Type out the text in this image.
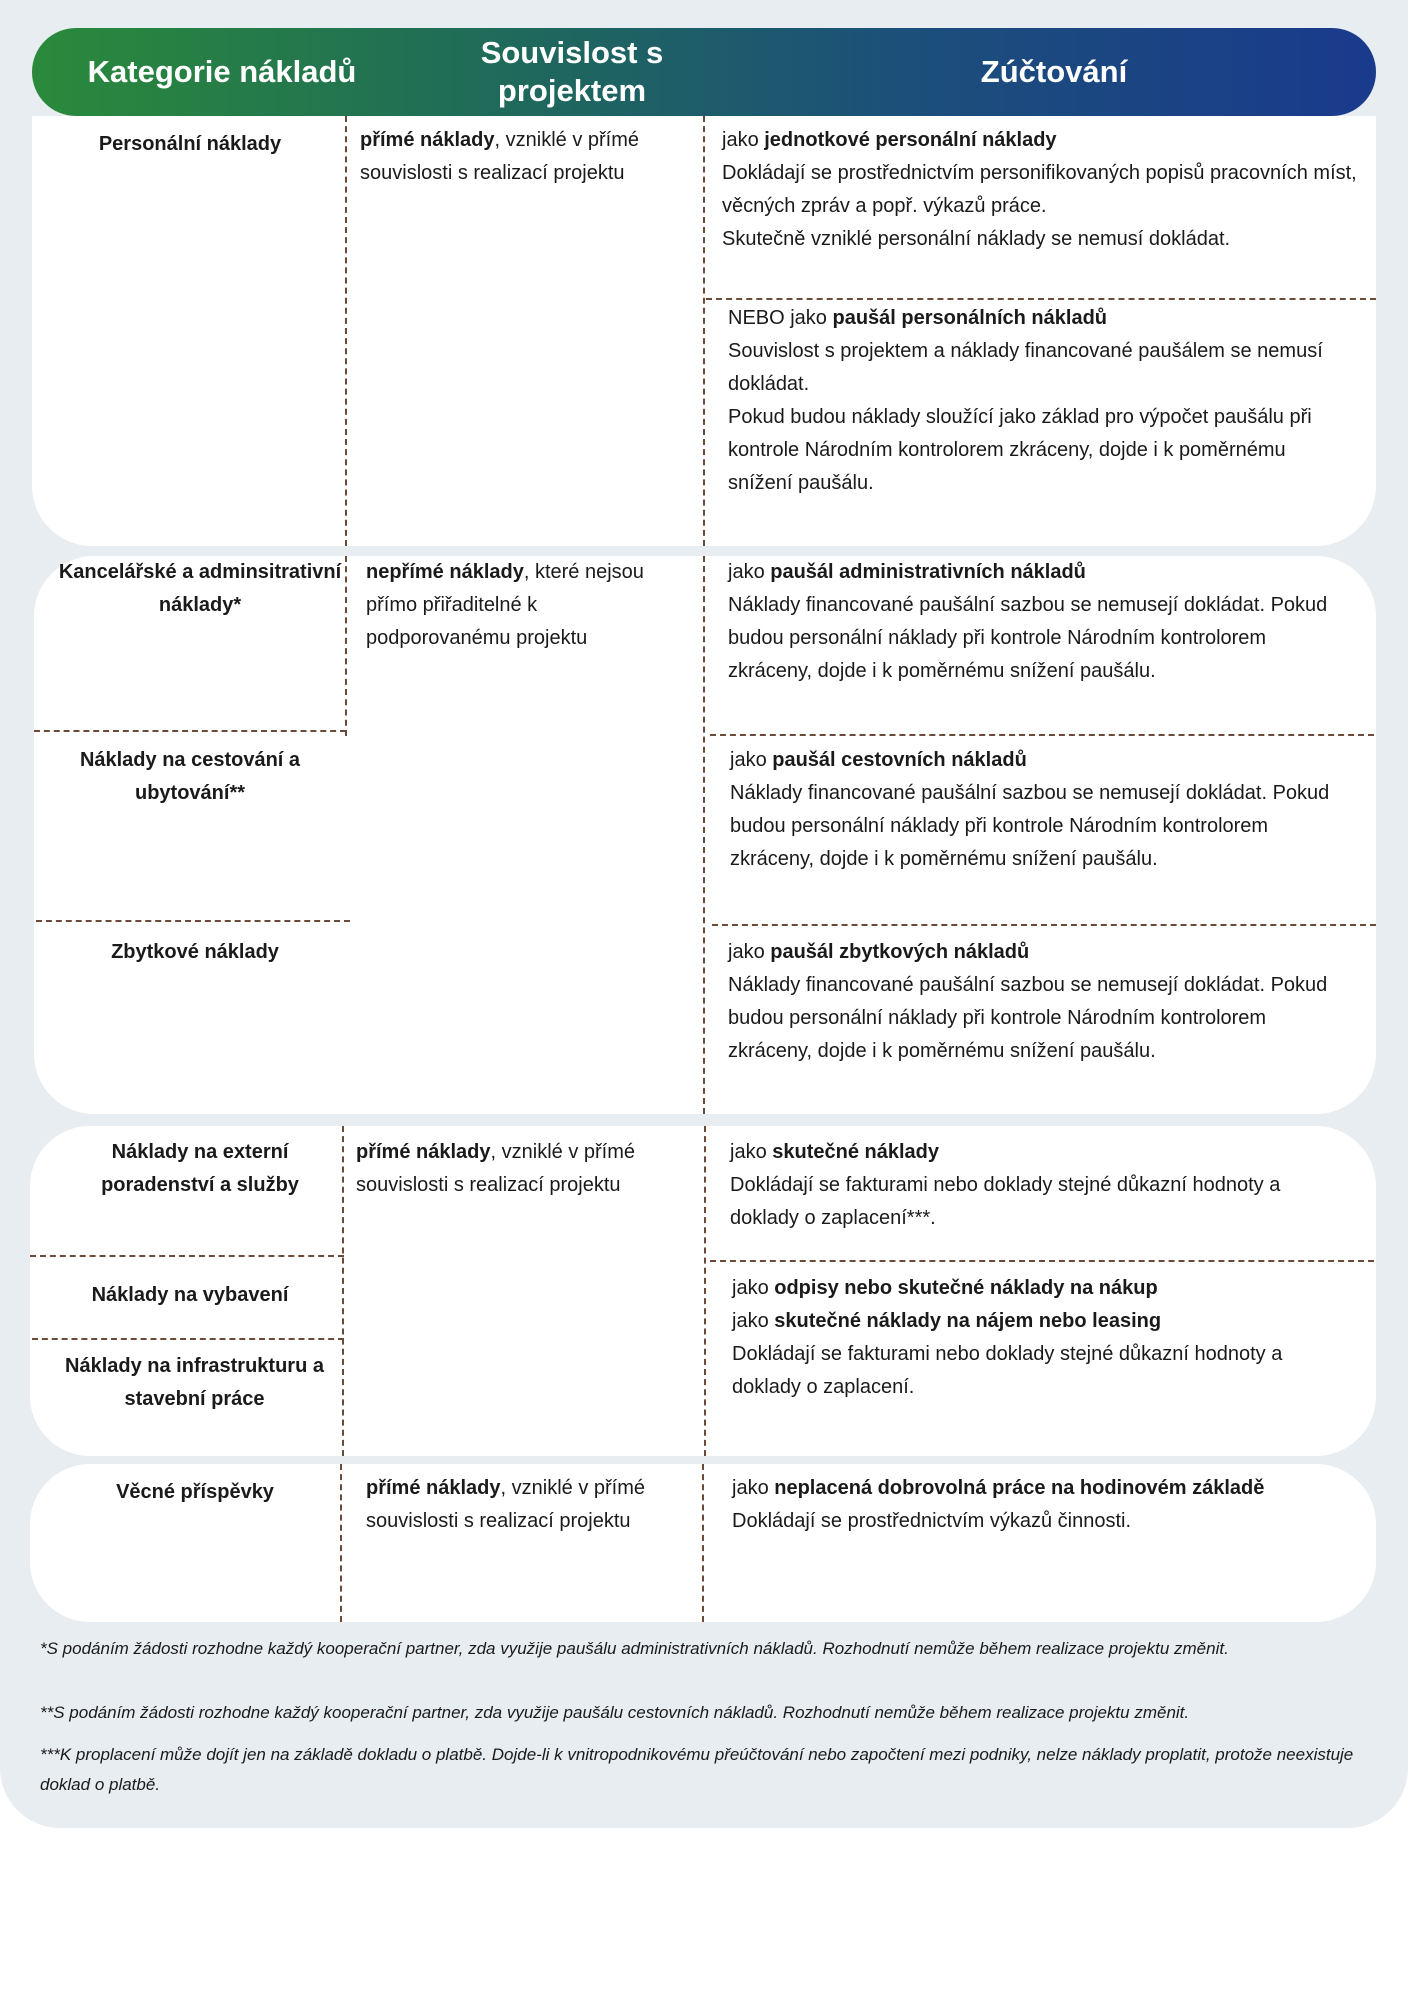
Kategorie nákladů
Souvislost s projektem
Zúčtování
Personální náklady	přímé náklady, vzniklé v přímé souvislosti s realizací projektu
jako jednotkové personální náklady
Dokládají se prostřednictvím personifikovaných popisů pracovních míst, věcných zpráv a popř. výkazů práce.
Skutečně vzniklé personální náklady se nemusí dokládat.
NEBO jako paušál personálních nákladů
Souvislost s projektem a náklady financované paušálem se nemusí dokládat.
Pokud budou náklady sloužící jako základ pro výpočet paušálu při kontrole Národním kontrolorem zkráceny, dojde i k poměrnému snížení paušálu.
Kancelářské a adminsitrativní náklady*
Náklady na cestování a ubytování**
Zbytkové náklady
nepřímé náklady, které nejsou přímo přiřaditelné k podporovanému projektu
jako paušál administrativních nákladů
Náklady financované paušální sazbou se nemusejí dokládat. Pokud budou personální náklady při kontrole Národním kontrolorem zkráceny, dojde i k poměrnému snížení paušálu.
jako paušál cestovních nákladů
Náklady financované paušální sazbou se nemusejí dokládat. Pokud budou personální náklady při kontrole Národním kontrolorem zkráceny, dojde i k poměrnému snížení paušálu.
jako paušál zbytkových nákladů
Náklady financované paušální sazbou se nemusejí dokládat. Pokud budou personální náklady při kontrole Národním kontrolorem zkráceny, dojde i k poměrnému snížení paušálu.
Náklady na externí poradenství a služby
Náklady na vybavení
Náklady na infrastrukturu a stavební práce
přímé náklady, vzniklé v přímé souvislosti s realizací projektu
jako skutečné náklady
Dokládají se fakturami nebo doklady stejné důkazní hodnoty a doklady o zaplacení***.
jako odpisy nebo skutečné náklady na nákup
jako skutečné náklady na nájem nebo leasing
Dokládají se fakturami nebo doklady stejné důkazní hodnoty a doklady o zaplacení.
Věcné příspěvky	přímé náklady, vzniklé v přímé souvislosti s realizací projektu
jako neplacená dobrovolná práce na hodinovém základě
Dokládají se prostřednictvím výkazů činnosti.
*S podáním žádosti rozhodne každý kooperační partner, zda využije paušálu administrativních nákladů. Rozhodnutí nemůže během realizace projektu změnit.
**S podáním žádosti rozhodne každý kooperační partner, zda využije paušálu cestovních nákladů. Rozhodnutí nemůže během realizace projektu změnit.
***K proplacení může dojít jen na základě dokladu o platbě. Dojde-li k vnitropodnikovému přeúčtování nebo započtení mezi podniky, nelze náklady proplatit, protože neexistuje doklad o platbě.
